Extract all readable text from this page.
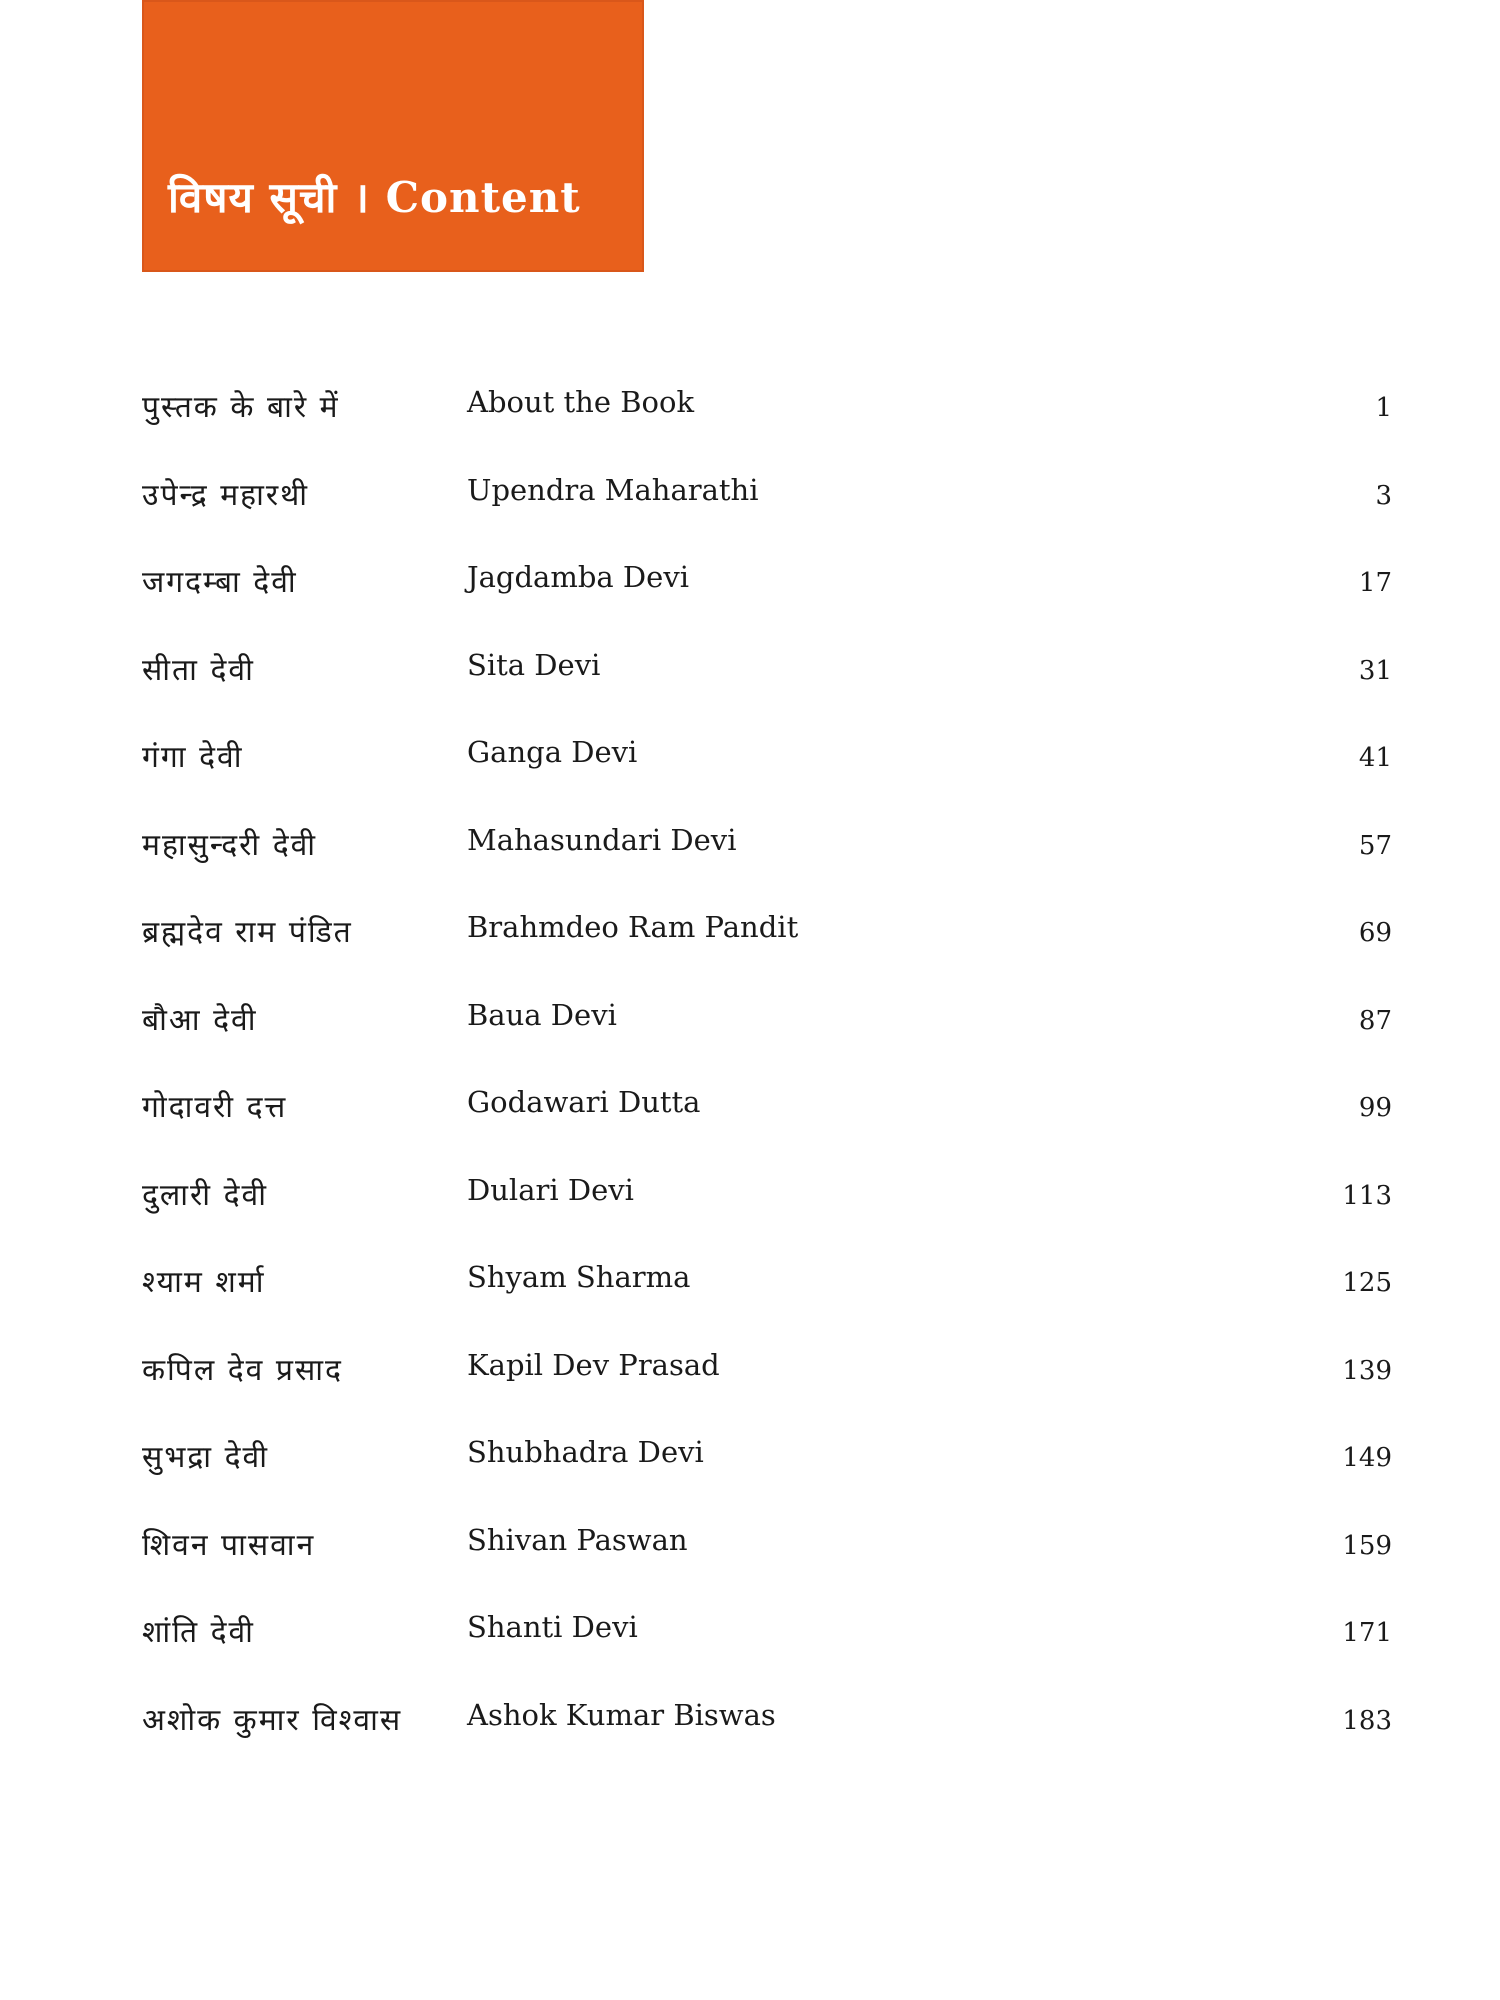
विषय सूची । Content
पुस्तक के बारे में	About the Book	1
उपेन्द्र महारथी	Upendra Maharathi	3
जगदम्बा देवी	Jagdamba Devi	17
सीता देवी	Sita Devi	31
गंगा देवी	Ganga Devi	41
महासुन्दरी देवी	Mahasundari Devi	57
ब्रह्मदेव राम पंडित	Brahmdeo Ram Pandit	69
बौआ देवी	Baua Devi	87
गोदावरी दत्त	Godawari Dutta	99
दुलारी देवी	Dulari Devi	113
श्याम शर्मा	Shyam Sharma	125
कपिल देव प्रसाद	Kapil Dev Prasad	139
सुभद्रा देवी	Shubhadra Devi	149
शिवन पासवान	Shivan Paswan	159
शांति देवी	Shanti Devi	171
अशोक कुमार विश्वास Ashok Kumar Biswas	183
